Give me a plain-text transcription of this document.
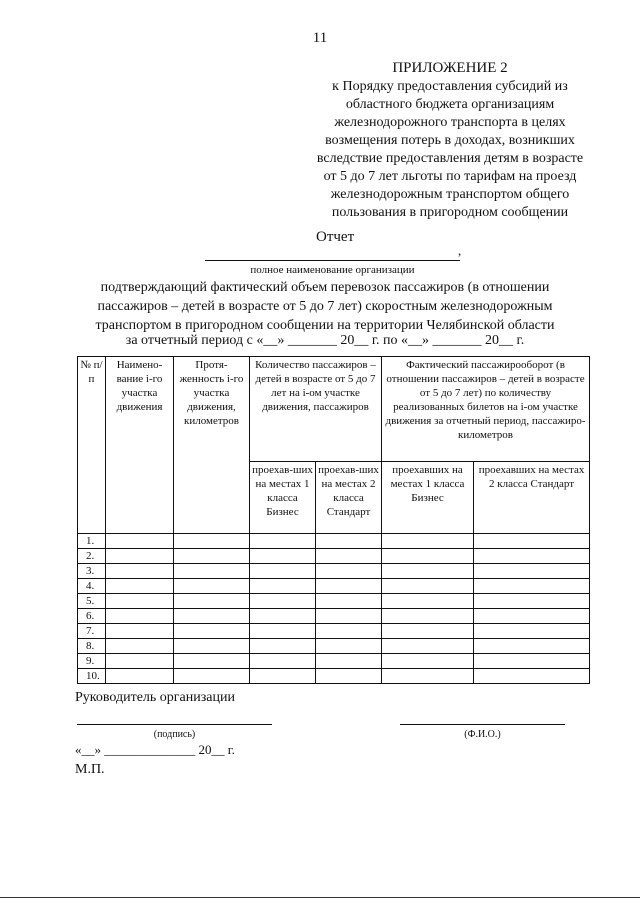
11
ПРИЛОЖЕНИЕ 2
к Порядку предоставления субсидий из
областного бюджета организациям
железнодорожного транспорта в целях
возмещения потерь в доходах, возникших
вследствие предоставления детям в возрасте
от 5 до 7 лет льготы по тарифам на проезд
железнодорожным транспортом общего
пользования в пригородном сообщении
Отчет
,
полное наименование организации
подтверждающий фактический объем перевозок пассажиров (в отношении
пассажиров – детей в возрасте от 5 до 7 лет) скоростным железнодорожным
транспортом в пригородном сообщении на территории Челябинской области
за отчетный период с «__» _______ 20__ г. по «__» _______ 20__ г.
№ п/п	Наимено-вание i-го участка движения	Протя-женность i-го участка движения, километров	Количество пассажиров – детей в возрасте от 5 до 7 лет на i-ом участке движения, пассажиров		Фактический пассажирооборот (в отношении пассажиров – детей в возрасте от 5 до 7 лет) по количеству реализованных билетов на i-ом участке движения за отчетный период, пассажиро-километров	
			проехав-ших на местах 1 класса Бизнес	проехав-ших на местах 2 класса Стандарт	проехавших на местах 1 класса Бизнес	проехавших на местах 2 класса Стандарт
1.						
2.						
3.						
4.						
5.						
6.						
7.						
8.						
9.						
10.						
Руководитель организации
(подпись)	(Ф.И.О.)
«__» ______________ 20__ г.
М.П.
